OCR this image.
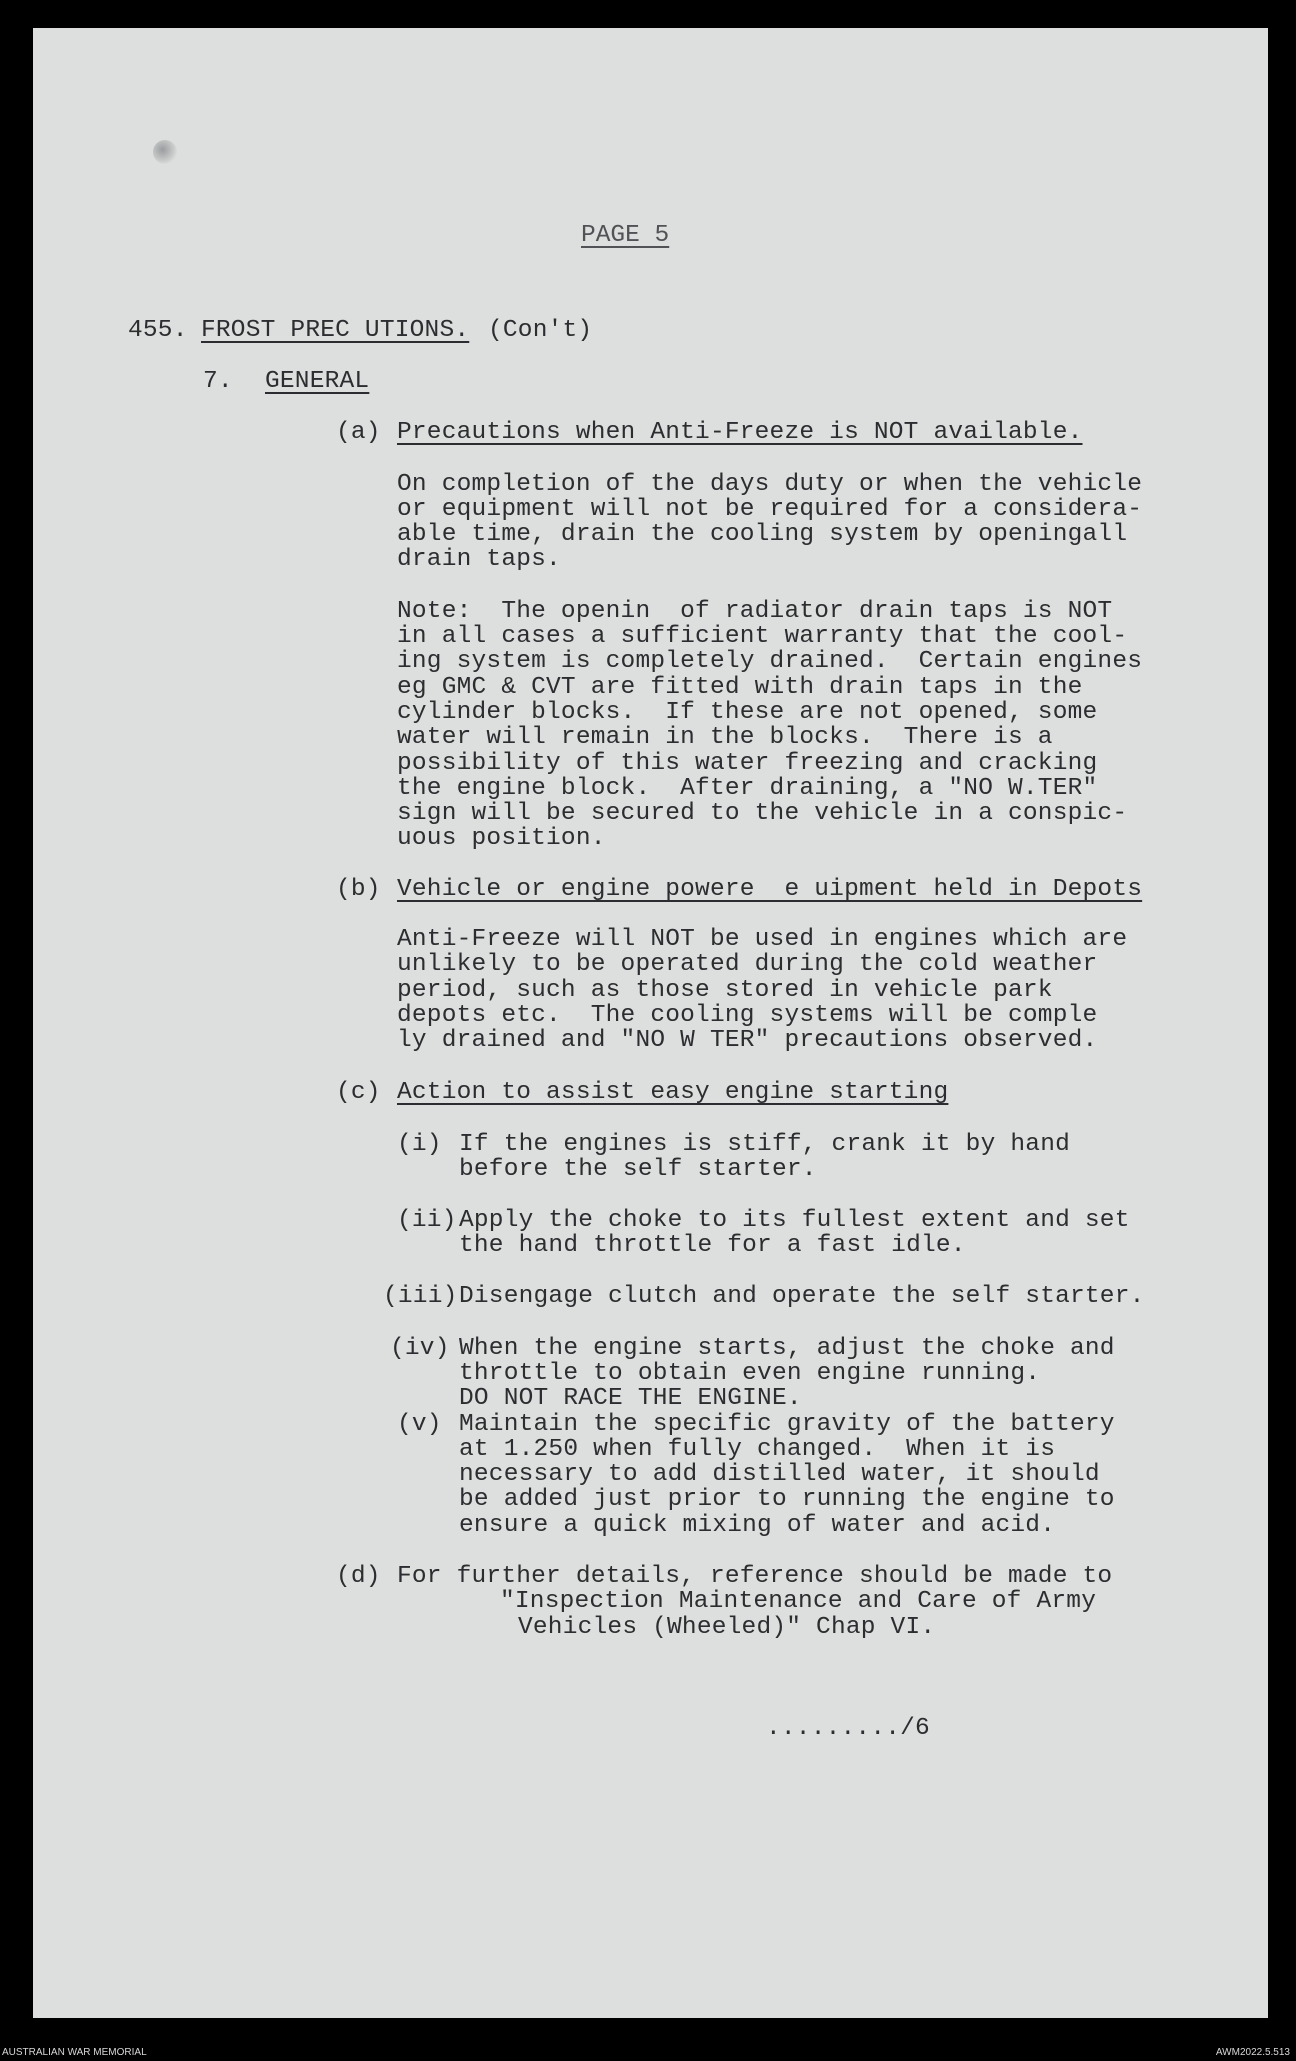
PAGE 5
455. FROST PREC UTIONS. (Con't)
7. GENERAL
(a) Precautions when Anti-Freeze is NOT available.
On completion of the days duty or when the vehicle
or equipment will not be required for a considera-
able time, drain the cooling system by openingall
drain taps.
Note:  The openin  of radiator drain taps is NOT
in all cases a sufficient warranty that the cool-
ing system is completely drained.  Certain engines
eg GMC & CVT are fitted with drain taps in the
cylinder blocks.  If these are not opened, some
water will remain in the blocks.  There is a
possibility of this water freezing and cracking
the engine block.  After draining, a "NO W.TER"
sign will be secured to the vehicle in a conspic-
uous position.
(b) Vehicle or engine powere  e uipment held in Depots
Anti-Freeze will NOT be used in engines which are
unlikely to be operated during the cold weather
period, such as those stored in vehicle park
depots etc.  The cooling systems will be comple
ly drained and "NO W TER" precautions observed.
(c) Action to assist easy engine starting
(i) If the engines is stiff, crank it by hand
before the self starter.
(ii) Apply the choke to its fullest extent and set
the hand throttle for a fast idle.
(iii) Disengage clutch and operate the self starter.
(iv) When the engine starts, adjust the choke and
throttle to obtain even engine running.
DO NOT RACE THE ENGINE.
(v) Maintain the specific gravity of the battery
at 1.250 when fully changed.  When it is
necessary to add distilled water, it should
be added just prior to running the engine to
ensure a quick mixing of water and acid.
(d) For further details, reference should be made to
"Inspection Maintenance and Care of Army
Vehicles (Wheeled)" Chap VI.
........./6
AUSTRALIAN WAR MEMORIAL	AWM2022.5.513
